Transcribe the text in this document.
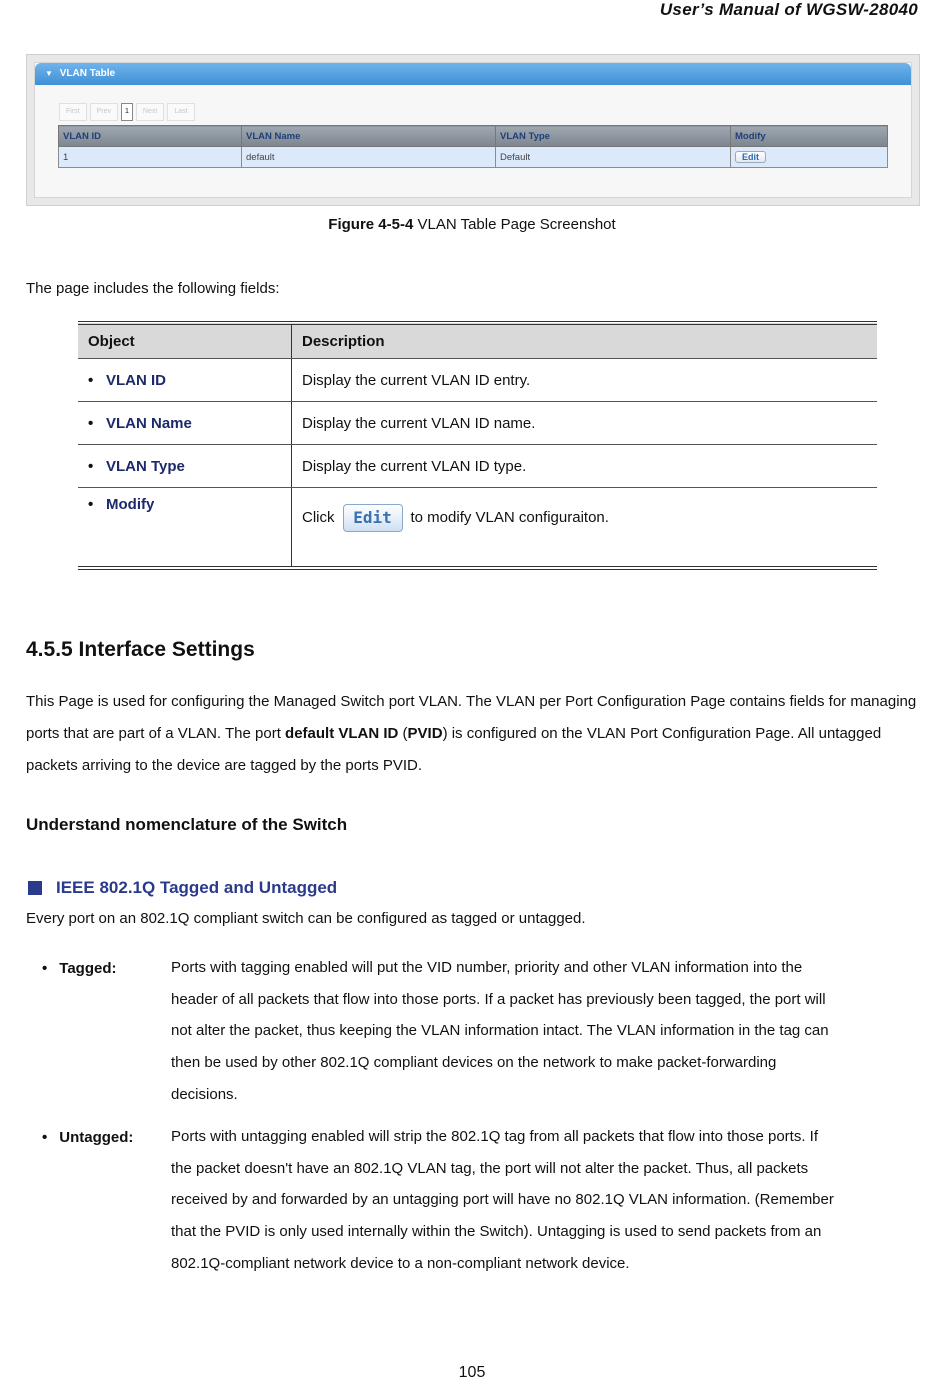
User’s Manual of WGSW-28040
▼ VLAN Table
First	Prev	1	Next	Last
VLAN ID	VLAN Name	VLAN Type	Modify
1	default	Default	Edit
Figure 4-5-4 VLAN Table Page Screenshot
The page includes the following fields:
Object	Description
• VLAN ID	Display the current VLAN ID entry.
• VLAN Name	Display the current VLAN ID name.
• VLAN Type	Display the current VLAN ID type.
• Modify	Click Edit to modify VLAN configuraiton.
4.5.5 Interface Settings
This Page is used for configuring the Managed Switch port VLAN. The VLAN per Port Configuration Page contains fields for managing ports that are part of a VLAN. The port default VLAN ID (PVID) is configured on the VLAN Port Configuration Page. All untagged packets arriving to the device are tagged by the ports PVID.
Understand nomenclature of the Switch
IEEE 802.1Q Tagged and Untagged
Every port on an 802.1Q compliant switch can be configured as tagged or untagged.
• Tagged:	Ports with tagging enabled will put the VID number, priority and other VLAN information into the header of all packets that flow into those ports. If a packet has previously been tagged, the port will not alter the packet, thus keeping the VLAN information intact. The VLAN information in the tag can then be used by other 802.1Q compliant devices on the network to make packet-forwarding decisions.
• Untagged:	Ports with untagging enabled will strip the 802.1Q tag from all packets that flow into those ports. If the packet doesn't have an 802.1Q VLAN tag, the port will not alter the packet. Thus, all packets received by and forwarded by an untagging port will have no 802.1Q VLAN information. (Remember that the PVID is only used internally within the Switch). Untagging is used to send packets from an 802.1Q-compliant network device to a non-compliant network device.
105
